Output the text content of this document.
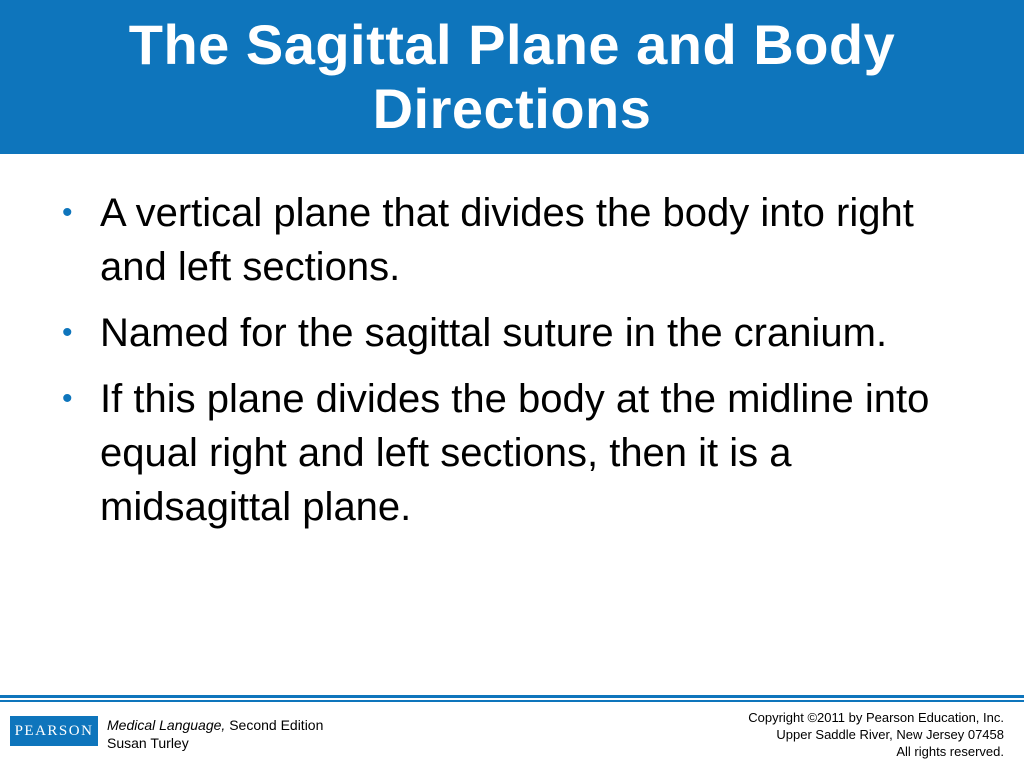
The Sagittal Plane and Body Directions
• A vertical plane that divides the body into right and left sections.
• Named for the sagittal suture in the cranium.
• If this plane divides the body at the midline into equal right and left sections, then it is a midsagittal plane.
PEARSON Medical Language, Second Edition
Susan Turley
Copyright ©2011 by Pearson Education, Inc.
Upper Saddle River, New Jersey 07458
All rights reserved.
